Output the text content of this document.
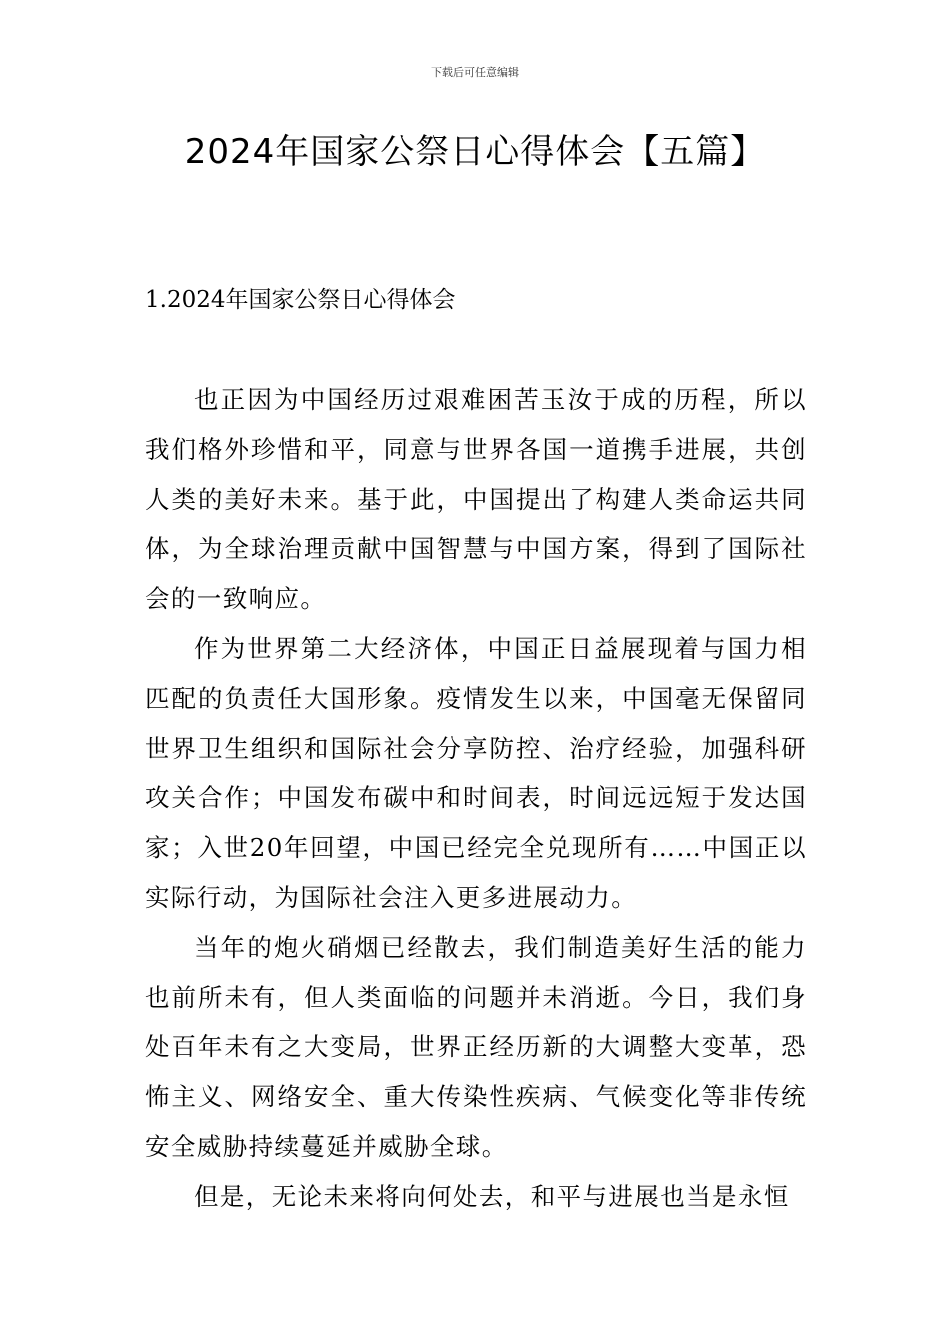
下载后可任意编辑
2024年国家公祭日心得体会【五篇】
1.2024年国家公祭日心得体会

也正因为中国经历过艰难困苦玉汝于成的历程，所以我们格外珍惜和平，同意与世界各国一道携手进展，共创人类的美好未来。基于此，中国提出了构建人类命运共同体，为全球治理贡献中国智慧与中国方案，得到了国际社会的一致响应。

作为世界第二大经济体，中国正日益展现着与国力相匹配的负责任大国形象。疫情发生以来，中国毫无保留同世界卫生组织和国际社会分享防控、治疗经验，加强科研攻关合作；中国发布碳中和时间表，时间远远短于发达国家；入世20年回望，中国已经完全兑现所有……中国正以实际行动，为国际社会注入更多进展动力。

当年的炮火硝烟已经散去，我们制造美好生活的能力也前所未有，但人类面临的问题并未消逝。今日，我们身处百年未有之大变局，世界正经历新的大调整大变革，恐怖主义、网络安全、重大传染性疾病、气候变化等非传统安全威胁持续蔓延并威胁全球。

但是，无论未来将向何处去，和平与进展也当是永恒
